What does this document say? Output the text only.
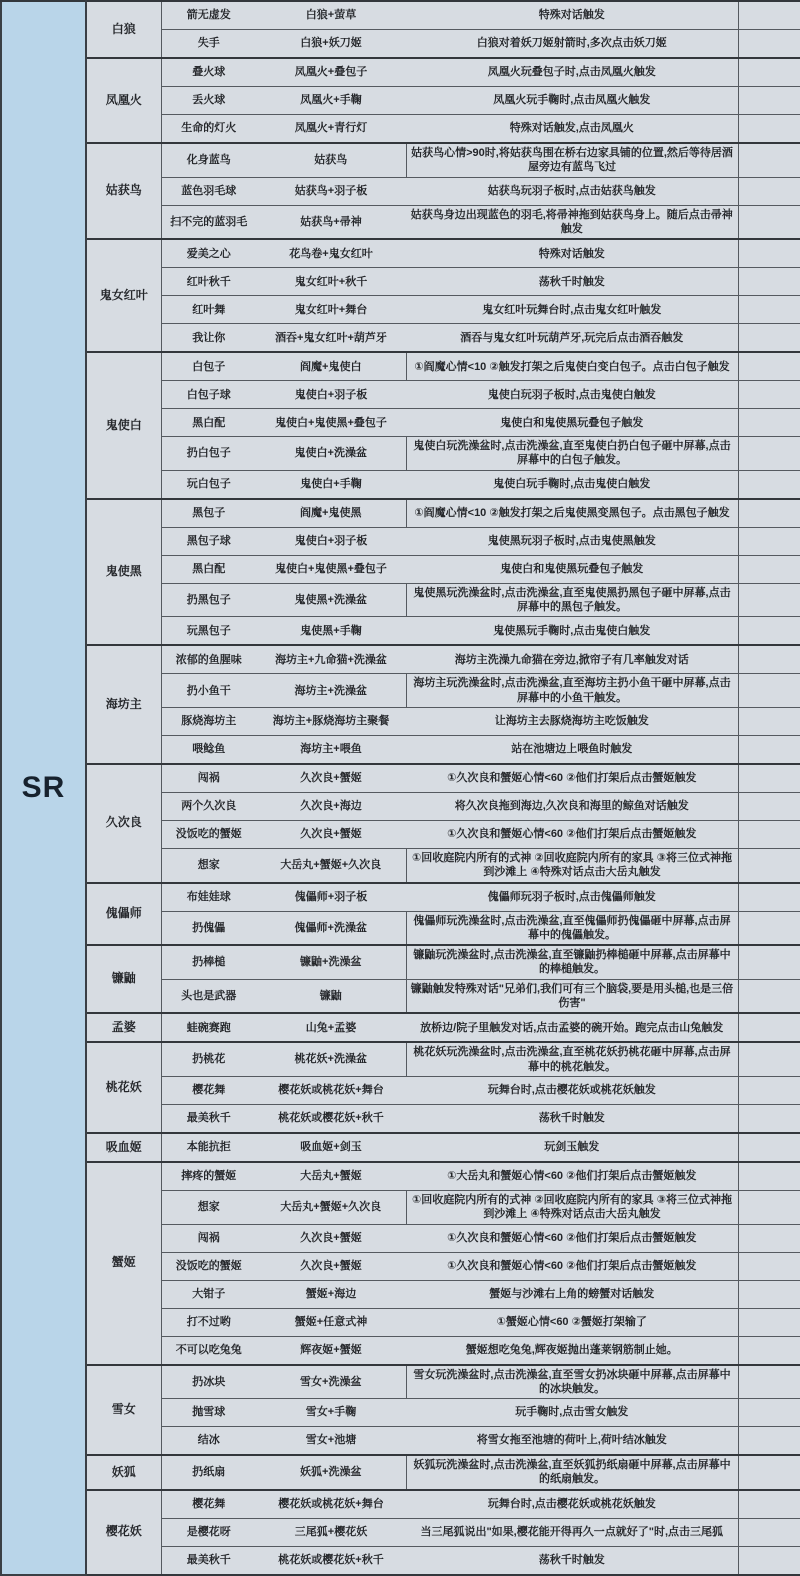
SR	白狼	箭无虚发	白狼+萤草	特殊对话触发	
		失手	白狼+妖刀姬	白狼对着妖刀姬射箭时,多次点击妖刀姬	
	凤凰火	叠火球	凤凰火+叠包子	凤凰火玩叠包子时,点击凤凰火触发	
		丢火球	凤凰火+手鞠	凤凰火玩手鞠时,点击凤凰火触发	
		生命的灯火	凤凰火+青行灯	特殊对话触发,点击凤凰火	
	姑获鸟	化身蓝鸟	姑获鸟	姑获鸟心情>90时,将姑获鸟围在桥右边家具铺的位置,然后等待居酒屋旁边有蓝鸟飞过	
		蓝色羽毛球	姑获鸟+羽子板	姑获鸟玩羽子板时,点击姑获鸟触发	
		扫不完的蓝羽毛	姑获鸟+帚神	姑获鸟身边出现蓝色的羽毛,将帚神拖到姑获鸟身上。随后点击帚神触发	
	鬼女红叶	爱美之心	花鸟卷+鬼女红叶	特殊对话触发	
		红叶秋千	鬼女红叶+秋千	荡秋千时触发	
		红叶舞	鬼女红叶+舞台	鬼女红叶玩舞台时,点击鬼女红叶触发	
		我让你	酒吞+鬼女红叶+葫芦牙	酒吞与鬼女红叶玩葫芦牙,玩完后点击酒吞触发	
	鬼使白	白包子	阎魔+鬼使白	①阎魔心情<10 ②触发打架之后鬼使白变白包子。点击白包子触发	
		白包子球	鬼使白+羽子板	鬼使白玩羽子板时,点击鬼使白触发	
		黑白配	鬼使白+鬼使黑+叠包子	鬼使白和鬼使黑玩叠包子触发	
		扔白包子	鬼使白+洗澡盆	鬼使白玩洗澡盆时,点击洗澡盆,直至鬼使白扔白包子砸中屏幕,点击屏幕中的白包子触发。	
		玩白包子	鬼使白+手鞠	鬼使白玩手鞠时,点击鬼使白触发	
	鬼使黑	黑包子	阎魔+鬼使黑	①阎魔心情<10 ②触发打架之后鬼使黑变黑包子。点击黑包子触发	
		黑包子球	鬼使白+羽子板	鬼使黑玩羽子板时,点击鬼使黑触发	
		黑白配	鬼使白+鬼使黑+叠包子	鬼使白和鬼使黑玩叠包子触发	
		扔黑包子	鬼使黑+洗澡盆	鬼使黑玩洗澡盆时,点击洗澡盆,直至鬼使黑扔黑包子砸中屏幕,点击屏幕中的黑包子触发。	
		玩黑包子	鬼使黑+手鞠	鬼使黑玩手鞠时,点击鬼使白触发	
	海坊主	浓郁的鱼腥味	海坊主+九命猫+洗澡盆	海坊主洗澡九命猫在旁边,掀帘子有几率触发对话	
		扔小鱼干	海坊主+洗澡盆	海坊主玩洗澡盆时,点击洗澡盆,直至海坊主扔小鱼干砸中屏幕,点击屏幕中的小鱼干触发。	
		豚烧海坊主	海坊主+豚烧海坊主聚餐	让海坊主去豚烧海坊主吃饭触发	
		喂鲶鱼	海坊主+喂鱼	站在池塘边上喂鱼时触发	
	久次良	闯祸	久次良+蟹姬	①久次良和蟹姬心情<60 ②他们打架后点击蟹姬触发	
		两个久次良	久次良+海边	将久次良拖到海边,久次良和海里的鲸鱼对话触发	
		没饭吃的蟹姬	久次良+蟹姬	①久次良和蟹姬心情<60 ②他们打架后点击蟹姬触发	
		想家	大岳丸+蟹姬+久次良	①回收庭院内所有的式神 ②回收庭院内所有的家具 ③将三位式神拖到沙滩上 ④特殊对话点击大岳丸触发	
	傀儡师	布娃娃球	傀儡师+羽子板	傀儡师玩羽子板时,点击傀儡师触发	
		扔傀儡	傀儡师+洗澡盆	傀儡师玩洗澡盆时,点击洗澡盆,直至傀儡师扔傀儡砸中屏幕,点击屏幕中的傀儡触发。	
	镰鼬	扔棒槌	镰鼬+洗澡盆	镰鼬玩洗澡盆时,点击洗澡盆,直至镰鼬扔棒槌砸中屏幕,点击屏幕中的棒槌触发。	
		头也是武器	镰鼬	镰鼬触发特殊对话"兄弟们,我们可有三个脑袋,要是用头槌,也是三倍伤害"	
	孟婆	蛙碗赛跑	山兔+孟婆	放桥边/院子里触发对话,点击孟婆的碗开始。跑完点击山兔触发	
	桃花妖	扔桃花	桃花妖+洗澡盆	桃花妖玩洗澡盆时,点击洗澡盆,直至桃花妖扔桃花砸中屏幕,点击屏幕中的桃花触发。	
		樱花舞	樱花妖或桃花妖+舞台	玩舞台时,点击樱花妖或桃花妖触发	
		最美秋千	桃花妖或樱花妖+秋千	荡秋千时触发	
	吸血姬	本能抗拒	吸血姬+剑玉	玩剑玉触发	
	蟹姬	摔疼的蟹姬	大岳丸+蟹姬	①大岳丸和蟹姬心情<60 ②他们打架后点击蟹姬触发	
		想家	大岳丸+蟹姬+久次良	①回收庭院内所有的式神 ②回收庭院内所有的家具 ③将三位式神拖到沙滩上 ④特殊对话点击大岳丸触发	
		闯祸	久次良+蟹姬	①久次良和蟹姬心情<60 ②他们打架后点击蟹姬触发	
		没饭吃的蟹姬	久次良+蟹姬	①久次良和蟹姬心情<60 ②他们打架后点击蟹姬触发	
		大钳子	蟹姬+海边	蟹姬与沙滩右上角的螃蟹对话触发	
		打不过哟	蟹姬+任意式神	①蟹姬心情<60 ②蟹姬打架输了	
		不可以吃兔兔	辉夜姬+蟹姬	蟹姬想吃兔兔,辉夜姬抛出蓬莱钢筋制止她。	
	雪女	扔冰块	雪女+洗澡盆	雪女玩洗澡盆时,点击洗澡盆,直至雪女扔冰块砸中屏幕,点击屏幕中的冰块触发。	
		抛雪球	雪女+手鞠	玩手鞠时,点击雪女触发	
		结冰	雪女+池塘	将雪女拖至池塘的荷叶上,荷叶结冰触发	
	妖狐	扔纸扇	妖狐+洗澡盆	妖狐玩洗澡盆时,点击洗澡盆,直至妖狐扔纸扇砸中屏幕,点击屏幕中的纸扇触发。	
	樱花妖	樱花舞	樱花妖或桃花妖+舞台	玩舞台时,点击樱花妖或桃花妖触发	
		是樱花呀	三尾狐+樱花妖	当三尾狐说出"如果,樱花能开得再久一点就好了"时,点击三尾狐	
		最美秋千	桃花妖或樱花妖+秋千	荡秋千时触发	
